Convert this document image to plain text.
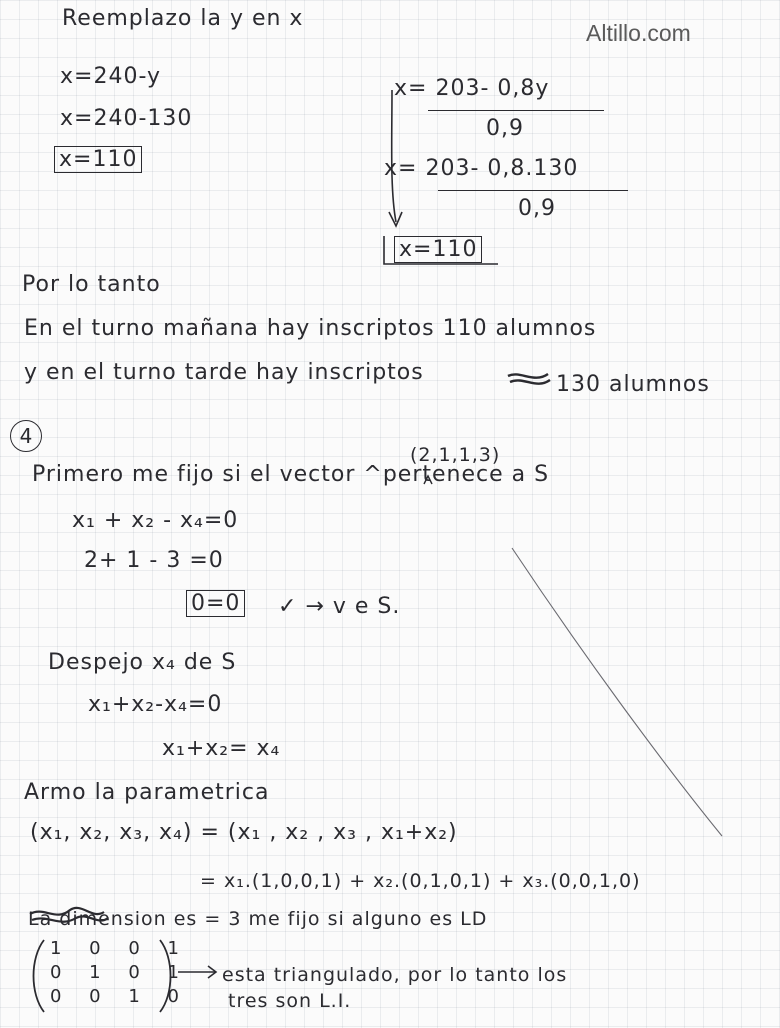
Altillo.com
Reemplazo la y en x
x=240-y
x=240-130
x=110
x= 203- 0,8y
0,9
x= 203- 0,8.130
0,9
x=110
Por lo tanto
En el turno mañana hay inscriptos 110 alumnos
y en el turno tarde hay inscriptos	130 alumnos
4
(2,1,1,3)
Primero me fijo si el vector ^pertenece a S
x₁ + x₂ - x₄=0
2+ 1 - 3 =0
0=0 ✓ → v e S.
Despejo x₄ de S
x₁+x₂-x₄=0
x₁+x₂= x₄
Armo la parametrica
(x₁, x₂, x₃, x₄) = (x₁ , x₂ , x₃ , x₁+x₂)
= x₁.(1,0,0,1) + x₂.(0,1,0,1) + x₃.(0,0,1,0)
La dimension es = 3 me fijo si alguno es LD
1 0 0 1
0 1 0 1
0 0 1 0
esta triangulado, por lo tanto los
tres son L.I.
